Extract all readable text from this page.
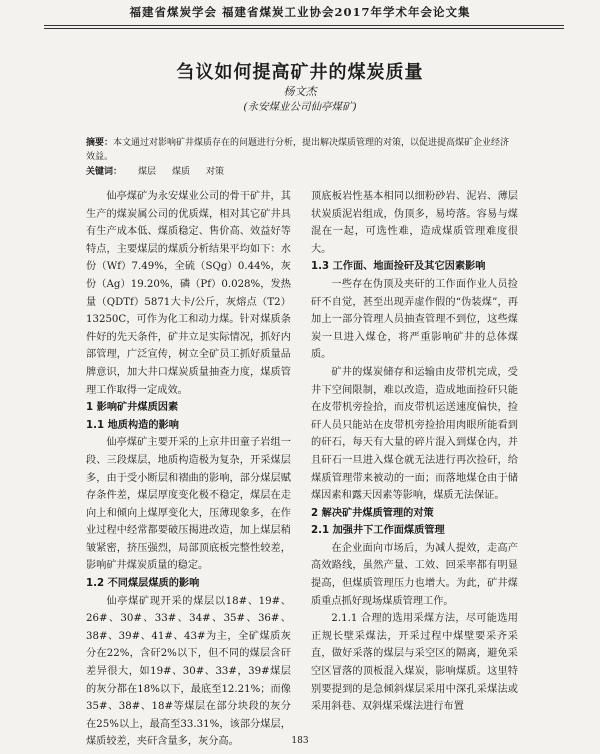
福建省煤炭学会 福建省煤炭工业协会2017年学术年会论文集
刍议如何提高矿井的煤炭质量
杨文杰
(永安煤业公司仙亭煤矿)
摘要：本文通过对影响矿井煤质存在的问题进行分析，提出解决煤质管理的对策，以促进提高煤矿企业经济效益。
关键词： 煤层 煤质 对策

仙亭煤矿为永安煤业公司的骨干矿井，其生产的煤炭属公司的优质煤，相对其它矿井具有生产成本低、煤质稳定、售价高、效益好等特点，主要煤层的煤质分析结果平均如下：水份（Wf）7.49%，全硫（SQg）0.44%，灰份（Ag）19.20%，磷（Pf）0.028%，发热量（QDTf）5871大卡/公斤，灰熔点（T2）13250C，可作为化工和动力煤。针对煤质条件好的先天条件，矿井立足实际情况，抓好内部管理，广泛宣传，树立全矿员工抓好质量品牌意识，加大井口煤炭质量抽查力度，煤质管理工作取得一定成效。

1 影响矿井煤质因素
1.1 地质构造的影响

仙亭煤矿主要开采的上京井田童子岩组一段、三段煤层，地质构造极为复杂，开采煤层多，由于受小断层和褶曲的影响，部分煤层赋存条件差，煤层厚度变化极不稳定，煤层在走向上和倾向上煤厚变化大，压薄现象多，在作业过程中经常都要破压揭进改造，加上煤层稍皱紧密，挤压强烈，局部顶底板完整性较差，影响矿井煤炭质量的稳定。

1.2 不同煤层煤质的影响

仙亭煤矿现开采的煤层以18#、19#、26#、30#、33#、34#、35#、36#、38#、39#、41#、43#为主，全矿煤质灰分在22%，含矸2%以下，但不同的煤层含矸差异很大，如19#、30#、33#，39#煤层的灰分都在18%以下，最底至12.21%；而像35#、38#、18#等煤层在部分块段的灰分在25%以上，最高至33.31%，该部分煤层，煤质较差，夹矸含量多，灰分高。

顶底板岩性基本相同以细粉砂岩、泥岩、薄层状炭质泥岩组成，伪顶多，易垮落。容易与煤混在一起，可选性难，造成煤质管理难度很大。

1.3 工作面、地面捡矸及其它因素影响

一些存在伪顶及夹矸的工作面作业人员捡矸不自觉，甚至出现弄虚作假的“伪装煤”，再加上一部分管理人员抽查管理不到位，这些煤炭一旦进入煤仓，将严重影响矿井的总体煤质。

矿井的煤炭储存和运输由皮带机完成，受井下空间限制，难以改造，造成地面捡矸只能在皮带机旁捡拾，而皮带机运送速度偏快，捡矸人员只能站在皮带机旁捡拾用肉眼所能看到的矸石，每天有大量的碎片混入到煤仓内，并且矸石一旦进入煤仓就无法进行再次捡矸，给煤质管理带来被动的一面；而落地煤仓由于储煤因素和露天因素等影响，煤质无法保证。

2 解决矿井煤质管理的对策
2.1 加强井下工作面煤质管理

在企业面向市场后，为减人提效，走高产高效路线，虽然产量、工效、回采率都有明显提高，但煤质管理压力也增大。为此，矿井煤质重点抓好现场煤质管理工作。

2.1.1 合理的选用采煤方法，尽可能选用正规长壁采煤法，开采过程中煤壁要采齐采直，做好采落的煤层与采空区的隔离，避免采空区冒落的顶板混入煤炭，影响煤质。这里特别要提到的是急倾斜煤层采用中深孔采煤法或采用斜巷、双斜煤采煤法进行布置

183
